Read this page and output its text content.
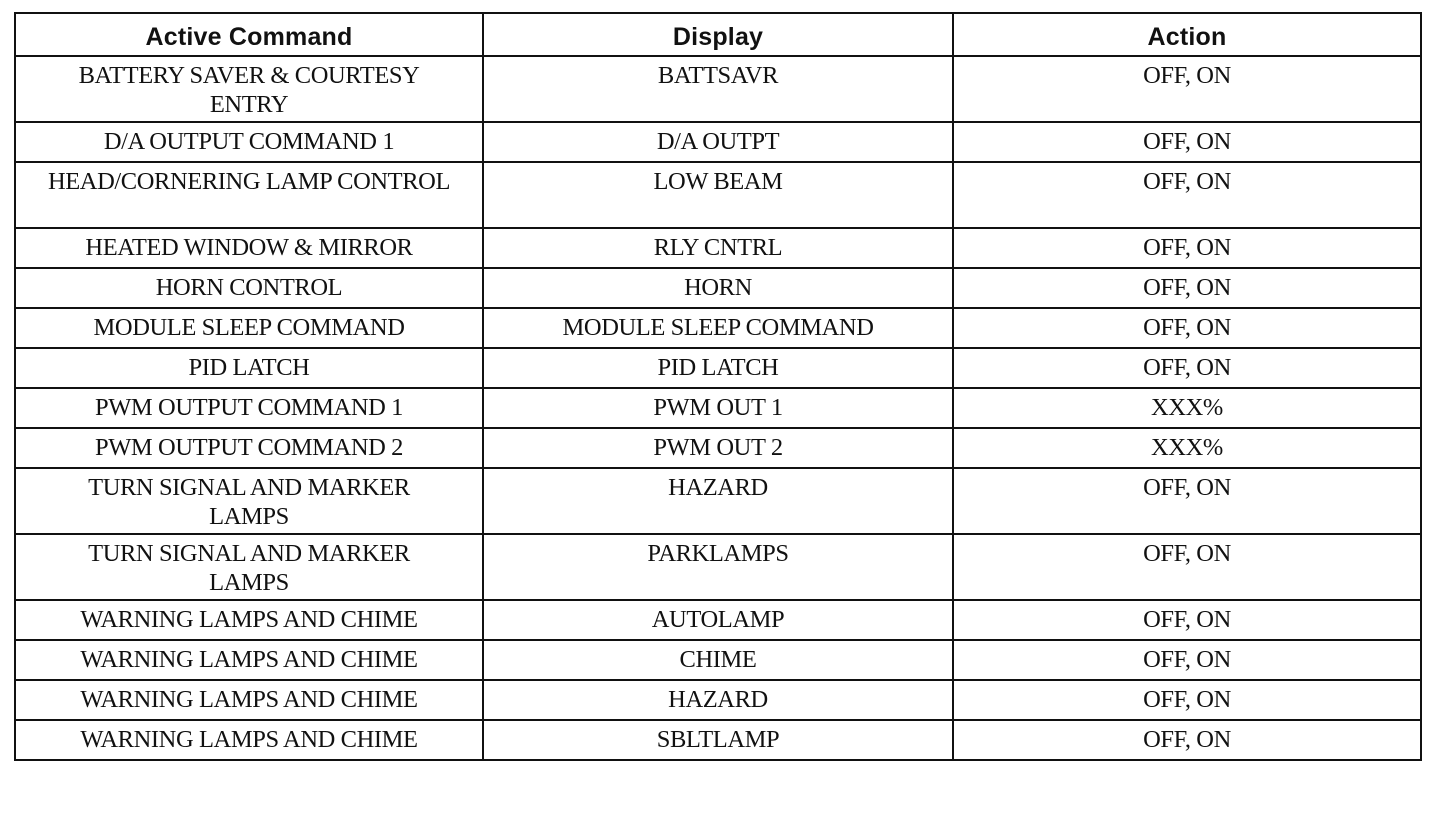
Active Command	Display	Action
BATTERY SAVER & COURTESY ENTRY	BATTSAVR	OFF, ON
D/A OUTPUT COMMAND 1	D/A OUTPT	OFF, ON
HEAD/CORNERING LAMP CONTROL	LOW BEAM	OFF, ON
HEATED WINDOW & MIRROR	RLY CNTRL	OFF, ON
HORN CONTROL	HORN	OFF, ON
MODULE SLEEP COMMAND	MODULE SLEEP COMMAND	OFF, ON
PID LATCH	PID LATCH	OFF, ON
PWM OUTPUT COMMAND 1	PWM OUT 1	XXX%
PWM OUTPUT COMMAND 2	PWM OUT 2	XXX%
TURN SIGNAL AND MARKER LAMPS	HAZARD	OFF, ON
TURN SIGNAL AND MARKER LAMPS	PARKLAMPS	OFF, ON
WARNING LAMPS AND CHIME	AUTOLAMP	OFF, ON
WARNING LAMPS AND CHIME	CHIME	OFF, ON
WARNING LAMPS AND CHIME	HAZARD	OFF, ON
WARNING LAMPS AND CHIME	SBLTLAMP	OFF, ON
